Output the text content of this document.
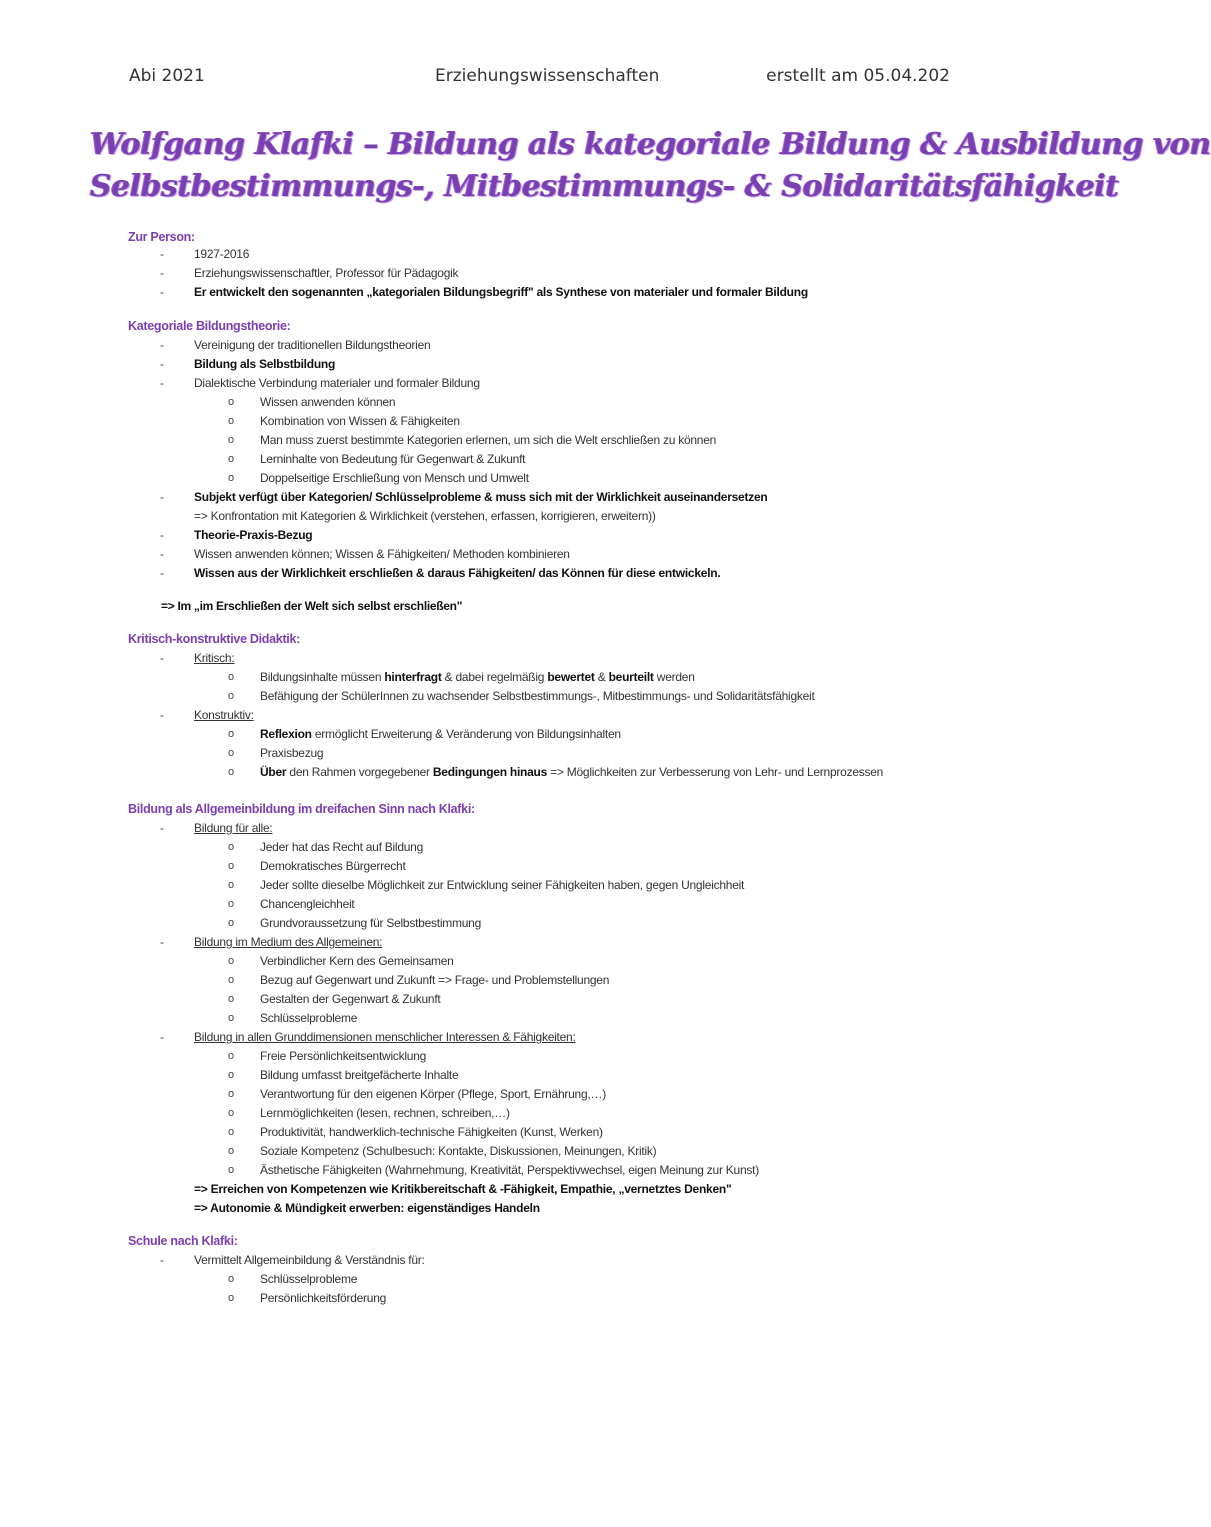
Abi 2021	Erziehungswissenschaften	erstellt am 05.04.202
Wolfgang Klafki – Bildung als kategoriale Bildung & Ausbildung von
Selbstbestimmungs-, Mitbestimmungs- & Solidaritätsfähigkeit
Zur Person:
-	1927-2016
-	Erziehungswissenschaftler, Professor für Pädagogik
-	Er entwickelt den sogenannten „kategorialen Bildungsbegriff" als Synthese von materialer und formaler Bildung
Kategoriale Bildungstheorie:
-	Vereinigung der traditionellen Bildungstheorien
-	Bildung als Selbstbildung
-	Dialektische Verbindung materialer und formaler Bildung
o Wissen anwenden können
o Kombination von Wissen & Fähigkeiten
o Man muss zuerst bestimmte Kategorien erlernen, um sich die Welt erschließen zu können
o Lerninhalte von Bedeutung für Gegenwart & Zukunft
o Doppelseitige Erschließung von Mensch und Umwelt
-	Subjekt verfügt über Kategorien/ Schlüsselprobleme & muss sich mit der Wirklichkeit auseinandersetzen
=> Konfrontation mit Kategorien & Wirklichkeit (verstehen, erfassen, korrigieren, erweitern))
-	Theorie-Praxis-Bezug
-	Wissen anwenden können; Wissen & Fähigkeiten/ Methoden kombinieren
-	Wissen aus der Wirklichkeit erschließen & daraus Fähigkeiten/ das Können für diese entwickeln.
=> Im „im Erschließen der Welt sich selbst erschließen"
Kritisch-konstruktive Didaktik:
-	Kritisch:
o Bildungsinhalte müssen hinterfragt & dabei regelmäßig bewertet & beurteilt werden
o Befähigung der SchülerInnen zu wachsender Selbstbestimmungs-, Mitbestimmungs- und Solidaritätsfähigkeit
-	Konstruktiv:
o Reflexion ermöglicht Erweiterung & Veränderung von Bildungsinhalten
o Praxisbezug
o Über den Rahmen vorgegebener Bedingungen hinaus => Möglichkeiten zur Verbesserung von Lehr- und Lernprozessen
Bildung als Allgemeinbildung im dreifachen Sinn nach Klafki:
-	Bildung für alle:
o Jeder hat das Recht auf Bildung
o Demokratisches Bürgerrecht
o Jeder sollte dieselbe Möglichkeit zur Entwicklung seiner Fähigkeiten haben, gegen Ungleichheit
o Chancengleichheit
o Grundvoraussetzung für Selbstbestimmung
-	Bildung im Medium des Allgemeinen:
o Verbindlicher Kern des Gemeinsamen
o Bezug auf Gegenwart und Zukunft => Frage- und Problemstellungen
o Gestalten der Gegenwart & Zukunft
o Schlüsselprobleme
-	Bildung in allen Grunddimensionen menschlicher Interessen & Fähigkeiten:
o Freie Persönlichkeitsentwicklung
o Bildung umfasst breitgefächerte Inhalte
o Verantwortung für den eigenen Körper (Pflege, Sport, Ernährung,…)
o Lernmöglichkeiten (lesen, rechnen, schreiben,…)
o Produktivität, handwerklich-technische Fähigkeiten (Kunst, Werken)
o Soziale Kompetenz (Schulbesuch: Kontakte, Diskussionen, Meinungen, Kritik)
o Ästhetische Fähigkeiten (Wahrnehmung, Kreativität, Perspektivwechsel, eigen Meinung zur Kunst)
=> Erreichen von Kompetenzen wie Kritikbereitschaft & -Fähigkeit, Empathie, „vernetztes Denken"
=> Autonomie & Mündigkeit erwerben: eigenständiges Handeln
Schule nach Klafki:
-	Vermittelt Allgemeinbildung & Verständnis für:
o Schlüsselprobleme
o Persönlichkeitsförderung
